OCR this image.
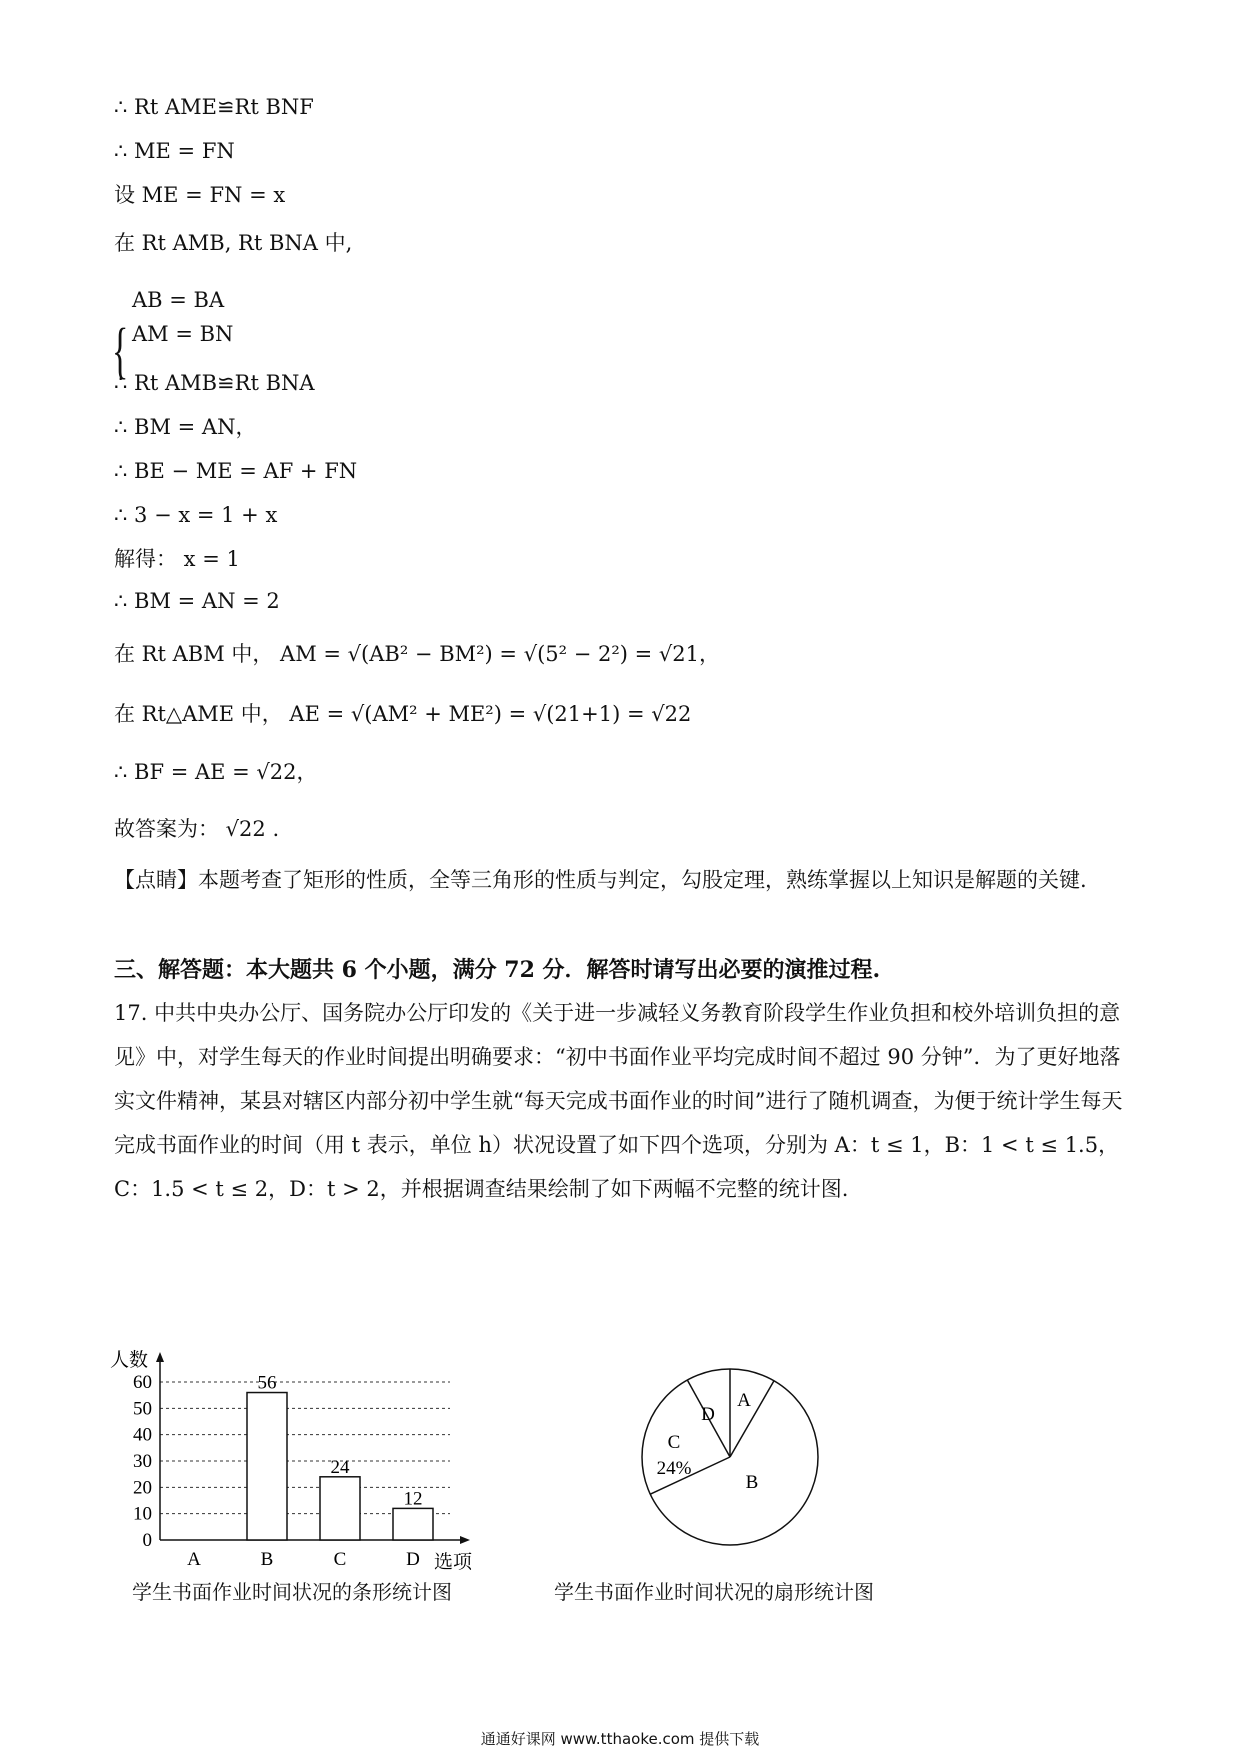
∴ Rt AME≌Rt BNF
∴ ME = FN
设 ME = FN = x
在 Rt AMB, Rt BNA 中,
{
AB = BA
AM = BN
∴ Rt AMB≌Rt BNA
∴ BM = AN，
∴ BE − ME = AF + FN
∴ 3 − x = 1 + x
解得： x = 1
∴ BM = AN = 2
在 Rt ABM 中， AM = √(AB² − BM²) = √(5² − 2²) = √21，
在 Rt△AME 中， AE = √(AM² + ME²) = √(21+1) = √22
∴ BF = AE = √22，
故答案为： √22 .
【点睛】本题考查了矩形的性质，全等三角形的性质与判定，勾股定理，熟练掌握以上知识是解题的关键.
三、解答题：本大题共 6 个小题，满分 72 分．解答时请写出必要的演推过程.
17. 中共中央办公厅、国务院办公厅印发的《关于进一步减轻义务教育阶段学生作业负担和校外培训负担的意见》中，对学生每天的作业时间提出明确要求：“初中书面作业平均完成时间不超过 90 分钟”．为了更好地落实文件精神，某县对辖区内部分初中学生就“每天完成书面作业的时间”进行了随机调查，为便于统计学生每天完成书面作业的时间（用 t 表示，单位 h）状况设置了如下四个选项，分别为 A：t ≤ 1，B：1 < t ≤ 1.5，C：1.5 < t ≤ 2，D：t > 2，并根据调查结果绘制了如下两幅不完整的统计图.
0
10
20
30
40
50
60
人数
选项
A	B
56
C
24
D
12
A
B
C
D
24%
学生书面作业时间状况的条形统计图	学生书面作业时间状况的扇形统计图
通通好课网 www.tthaoke.com 提供下载
